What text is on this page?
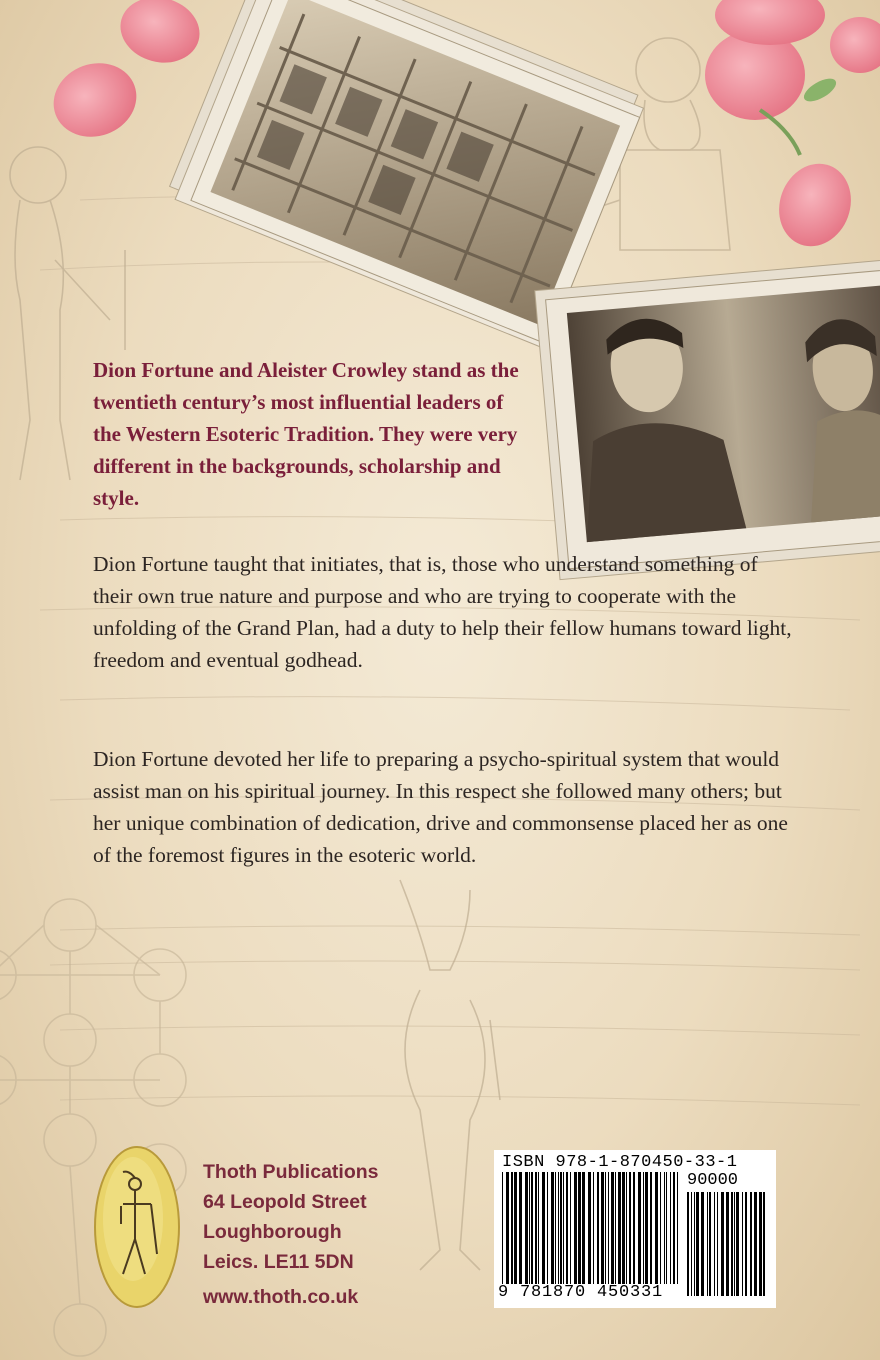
Dion Fortune and Aleister Crowley stand as the twentieth century’s most influential leaders of the Western Esoteric Tradition. They were very different in the backgrounds, scholarship and style.

Dion Fortune taught that initiates, that is, those who understand something of their own true nature and purpose and who are trying to cooperate with the unfolding of the Grand Plan, had a duty to help their fellow humans toward light, freedom and eventual godhead.

Dion Fortune devoted her life to preparing a psycho-spiritual system that would assist man on his spiritual journey. In this respect she followed many others; but her unique combination of dedication, drive and commonsense placed her as one of the foremost figures in the esoteric world.

Thoth Publications
64 Leopold Street
Loughborough
Leics. LE11 5DN
www.thoth.co.uk
ISBN 978-1-870450-33-1
90000
9 781870 450331
